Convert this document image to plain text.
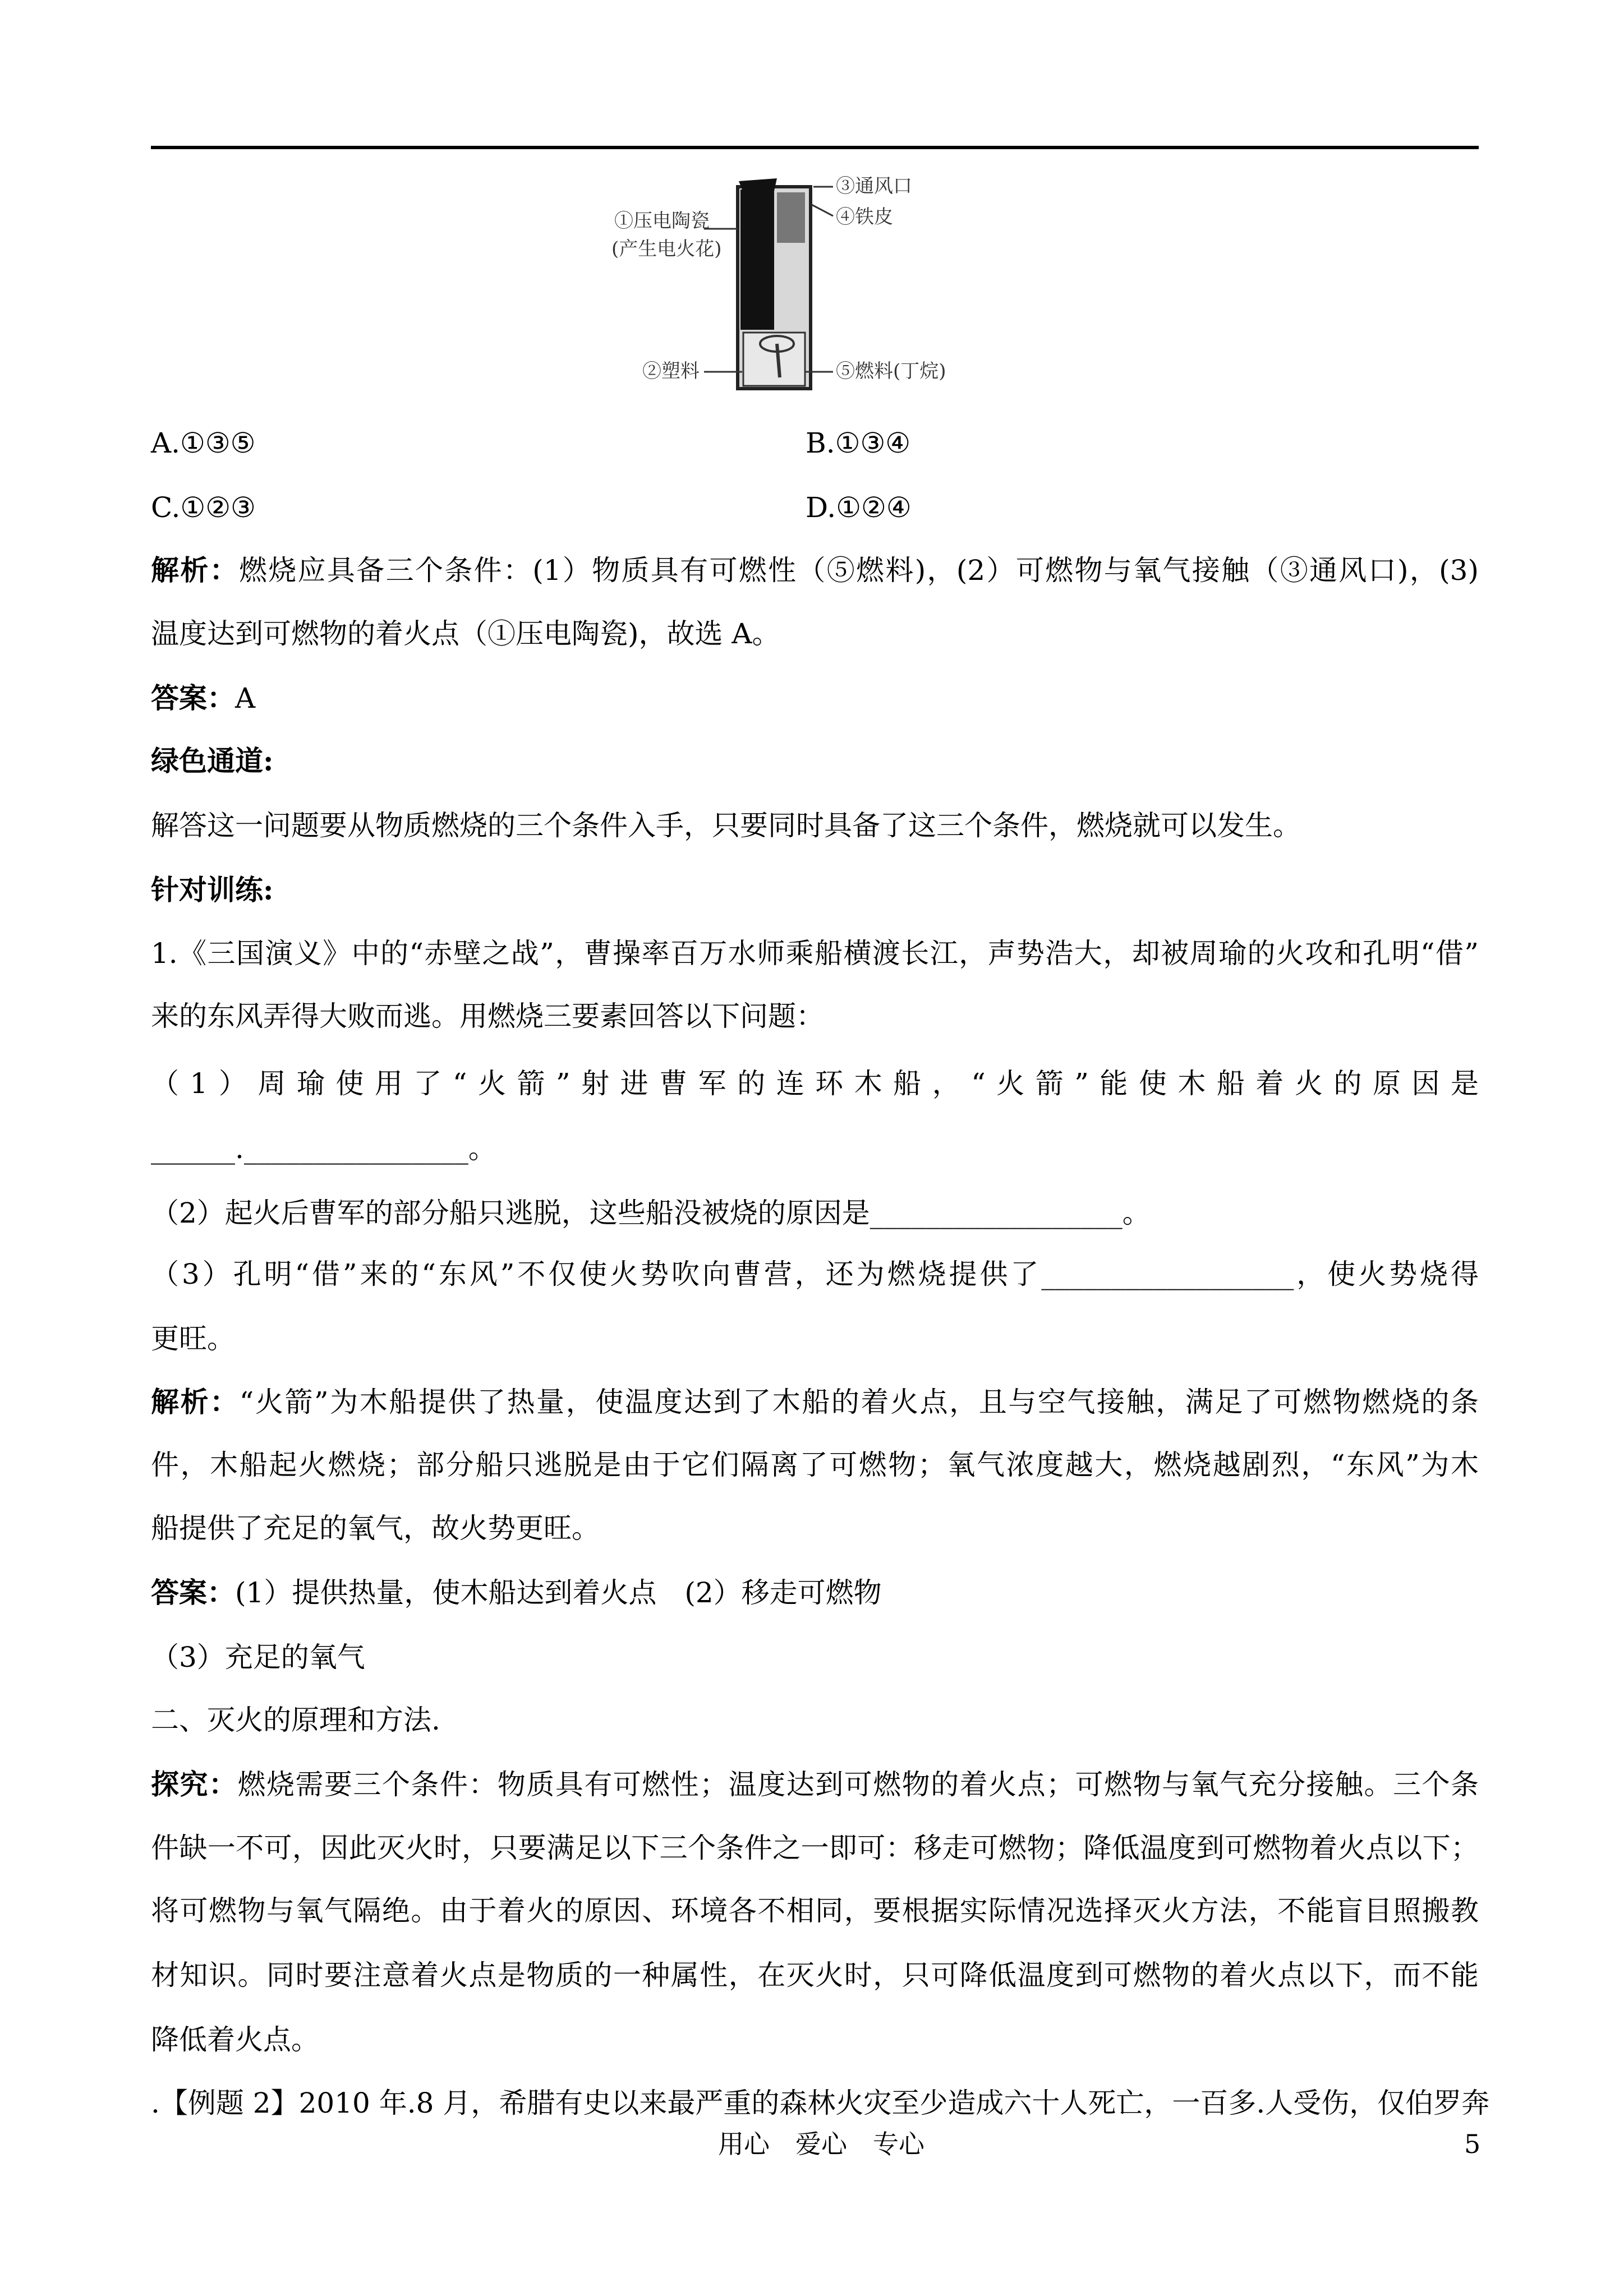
①压电陶瓷
(产生电火花)
③通风口
④铁皮
②塑料	⑤燃料(丁烷)
A.①③⑤	B.①③④
C.①②③	D.①②④
解析：燃烧应具备三个条件：(1）物质具有可燃性（⑤燃料)，(2）可燃物与氧气接触（③通风口)，(3)
温度达到可燃物的着火点（①压电陶瓷)，故选 A。
答案：A
绿色通道:
解答这一问题要从物质燃烧的三个条件入手，只要同时具备了这三个条件，燃烧就可以发生。
针对训练:
1.《三国演义》中的“赤壁之战”，曹操率百万水师乘船横渡长江，声势浩大，却被周瑜的火攻和孔明“借”
来的东风弄得大败而逃。用燃烧三要素回答以下问题：
（1）周瑜使用了“火箭”射进曹军的连环木船，“火箭”能使木船着火的原因是
______.________________。
（2）起火后曹军的部分船只逃脱，这些船没被烧的原因是__________________。
（3）孔明“借”来的“东风”不仅使火势吹向曹营，还为燃烧提供了__________________，使火势烧得
更旺。
解析：“火箭”为木船提供了热量，使温度达到了木船的着火点，且与空气接触，满足了可燃物燃烧的条
件，木船起火燃烧；部分船只逃脱是由于它们隔离了可燃物；氧气浓度越大，燃烧越剧烈，“东风”为木
船提供了充足的氧气，故火势更旺。
答案：(1）提供热量，使木船达到着火点　(2）移走可燃物
（3）充足的氧气
二、灭火的原理和方法.
探究：燃烧需要三个条件：物质具有可燃性；温度达到可燃物的着火点；可燃物与氧气充分接触。三个条
件缺一不可，因此灭火时，只要满足以下三个条件之一即可：移走可燃物；降低温度到可燃物着火点以下；
将可燃物与氧气隔绝。由于着火的原因、环境各不相同，要根据实际情况选择灭火方法，不能盲目照搬教
材知识。同时要注意着火点是物质的一种属性，在灭火时，只可降低温度到可燃物的着火点以下，而不能
降低着火点。
.【例题 2】2010 年.8 月，希腊有史以来最严重的森林火灾至少造成六十人死亡，一百多.人受伤，仅伯罗奔
用心　爱心　专心	5
